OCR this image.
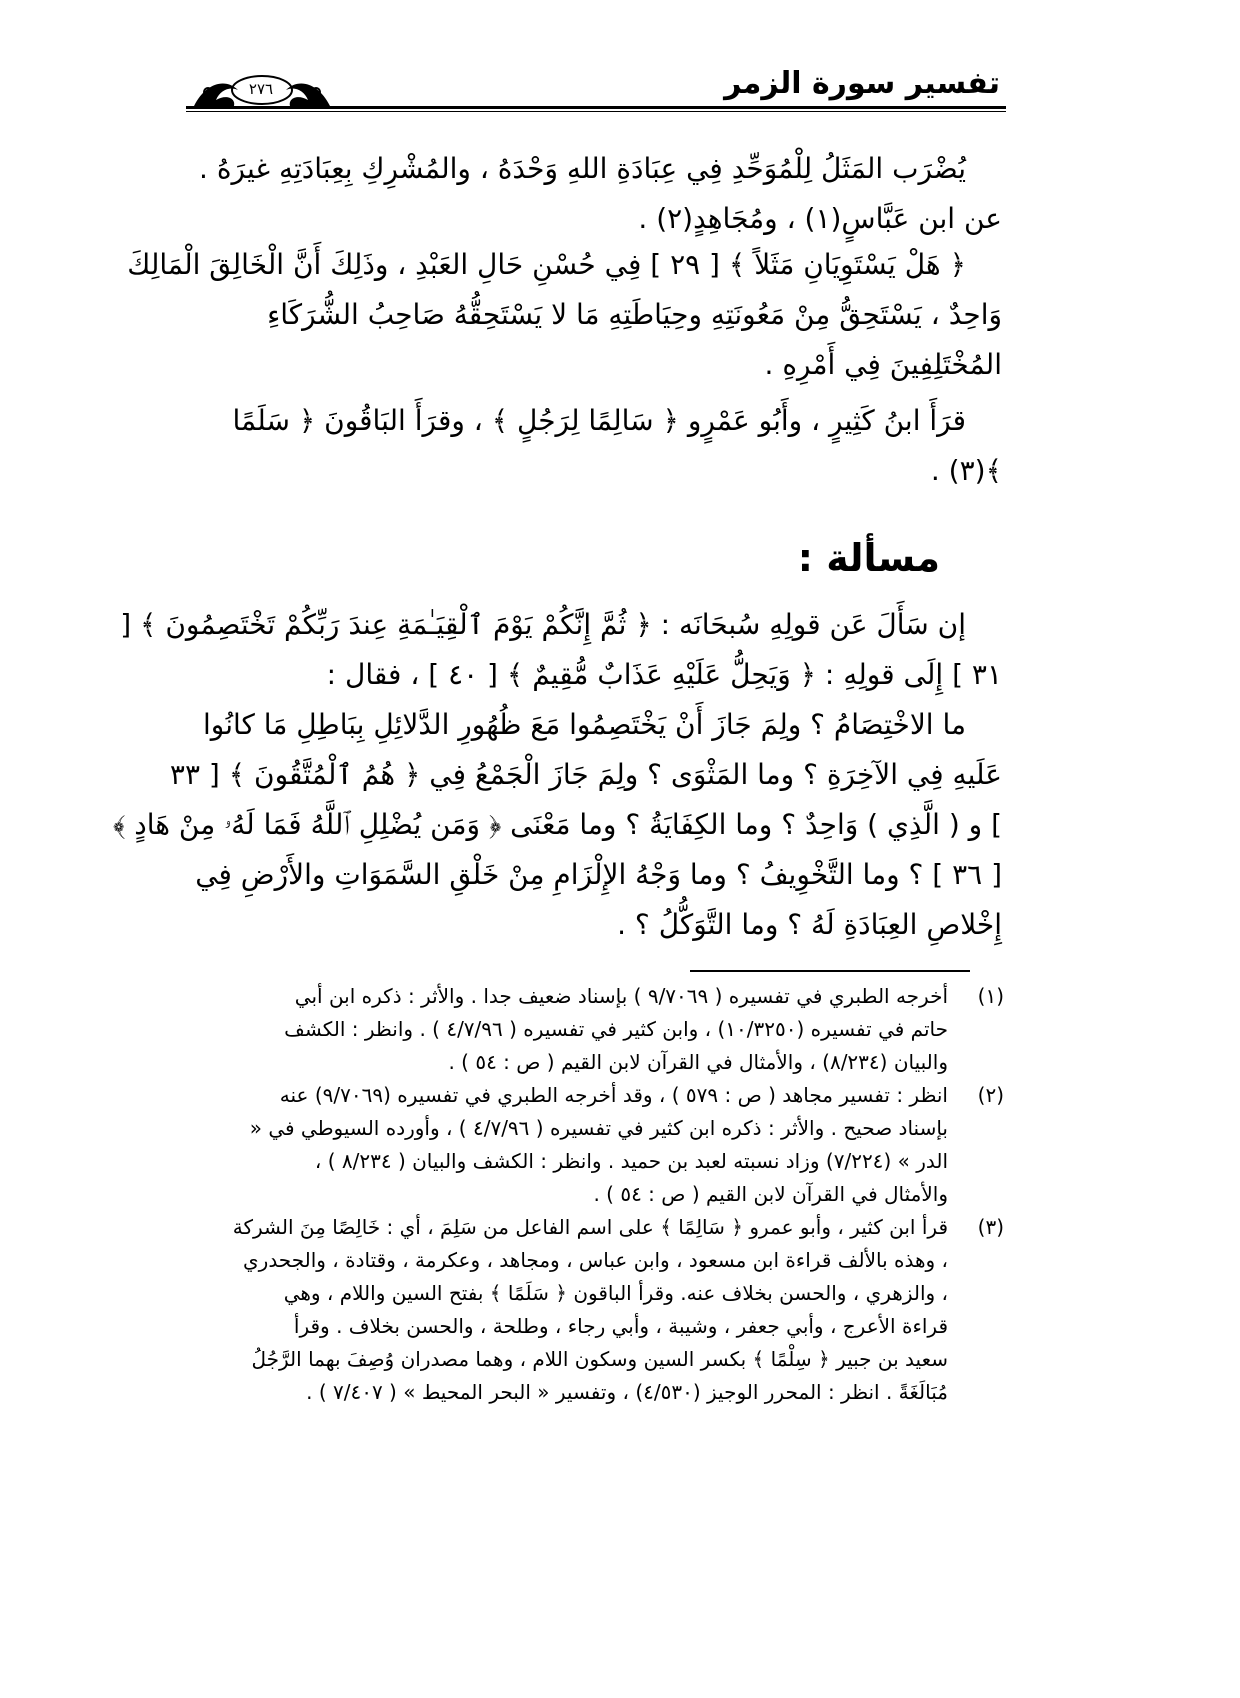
تفسير سورة الزمر
٢٧٦
يُضْرَب المَثَلُ لِلْمُوَحِّدِ فِي عِبَادَةِ اللهِ وَحْدَهُ ، والمُشْرِكِ بِعِبَادَتِهِ غيرَهُ .
عن ابن عَبَّاسٍ(١) ، ومُجَاهِدٍ(٢) .
﴿ هَلْ يَسْتَوِيَانِ مَثَلاً ﴾ [ ٢٩ ] فِي حُسْنِ حَالِ العَبْدِ ، وذَلِكَ أَنَّ الْخَالِقَ الْمَالِكَ
وَاحِدٌ ، يَسْتَحِقُّ مِنْ مَعُونَتِهِ وحِيَاطَتِهِ مَا لا يَسْتَحِقُّهُ صَاحِبُ الشُّرَكَاءِ
المُخْتَلِفِينَ فِي أَمْرِهِ .
قرَأَ ابنُ كَثِيرٍ ، وأَبُو عَمْرٍو ﴿ سَالِمًا لِرَجُلٍ ﴾ ، وقرَأَ البَاقُونَ ﴿ سَلَمًا
﴾(٣) .
مسألة :
إن سَأَلَ عَن قولِهِ سُبحَانَه : ﴿ ثُمَّ إِنَّكُمْ يَوْمَ ٱلْقِيَـٰمَةِ عِندَ رَبِّكُمْ تَخْتَصِمُونَ ﴾ [
٣١ ] إِلَى قولِهِ : ﴿ وَيَحِلُّ عَلَيْهِ عَذَابٌ مُّقِيمٌ ﴾ [ ٤٠ ] ، فقال :
ما الاخْتِصَامُ ؟ ولِمَ جَازَ أَنْ يَخْتَصِمُوا مَعَ ظُهُورِ الدَّلائِلِ بِبَاطِلِ مَا كانُوا
عَلَيهِ فِي الآخِرَةِ ؟ وما المَثْوَى ؟ ولِمَ جَازَ الْجَمْعُ فِي ﴿ هُمُ ٱلْمُتَّقُونَ ﴾ [ ٣٣
] و ( الَّذِي ) وَاحِدٌ ؟ وما الكِفَايَةُ ؟ وما مَعْنَى ﴿ وَمَن يُضْلِلِ ٱللَّهُ فَمَا لَهُۥ مِنْ هَادٍ ﴾
[ ٣٦ ] ؟ وما التَّخْوِيفُ ؟ وما وَجْهُ الإِلْزَامِ مِنْ خَلْقِ السَّمَوَاتِ والأَرْضِ فِي
إِخْلاصِ العِبَادَةِ لَهُ ؟ وما التَّوَكُّلُ ؟ .
(١)
أخرجه الطبري في تفسيره ( ٩/٧٠٦٩ ) بإسناد ضعيف جدا . والأثر : ذكره ابن أبي
حاتم في تفسيره (١٠/٣٢٥٠) ، وابن كثير في تفسيره ( ٤/٧/٩٦ ) . وانظر : الكشف
والبيان (٨/٢٣٤) ، والأمثال في القرآن لابن القيم ( ص : ٥٤ ) .
(٢)
انظر : تفسير مجاهد ( ص : ٥٧٩ ) ، وقد أخرجه الطبري في تفسيره (٩/٧٠٦٩) عنه
بإسناد صحيح . والأثر : ذكره ابن كثير في تفسيره ( ٤/٧/٩٦ ) ، وأورده السيوطي في «
الدر » (٧/٢٢٤) وزاد نسبته لعبد بن حميد . وانظر : الكشف والبيان ( ٨/٢٣٤ ) ،
والأمثال في القرآن لابن القيم ( ص : ٥٤ ) .
(٣)
قرأ ابن كثير ، وأبو عمرو ﴿ سَالِمًا ﴾ على اسم الفاعل من سَلِمَ ، أي : خَالِصًا مِنَ الشركة
، وهذه بالألف قراءة ابن مسعود ، وابن عباس ، ومجاهد ، وعكرمة ، وقتادة ، والجحدري
، والزهري ، والحسن بخلاف عنه. وقرأ الباقون ﴿ سَلَمًا ﴾ بفتح السين واللام ، وهي
قراءة الأعرج ، وأبي جعفر ، وشيبة ، وأبي رجاء ، وطلحة ، والحسن بخلاف . وقرأ
سعيد بن جبير ﴿ سِلْمًا ﴾ بكسر السين وسكون اللام ، وهما مصدران وُصِفَ بهما الرَّجُلُ
مُبَالَغَةً . انظر : المحرر الوجيز (٤/٥٣٠) ، وتفسير « البحر المحيط » ( ٧/٤٠٧ ) .
